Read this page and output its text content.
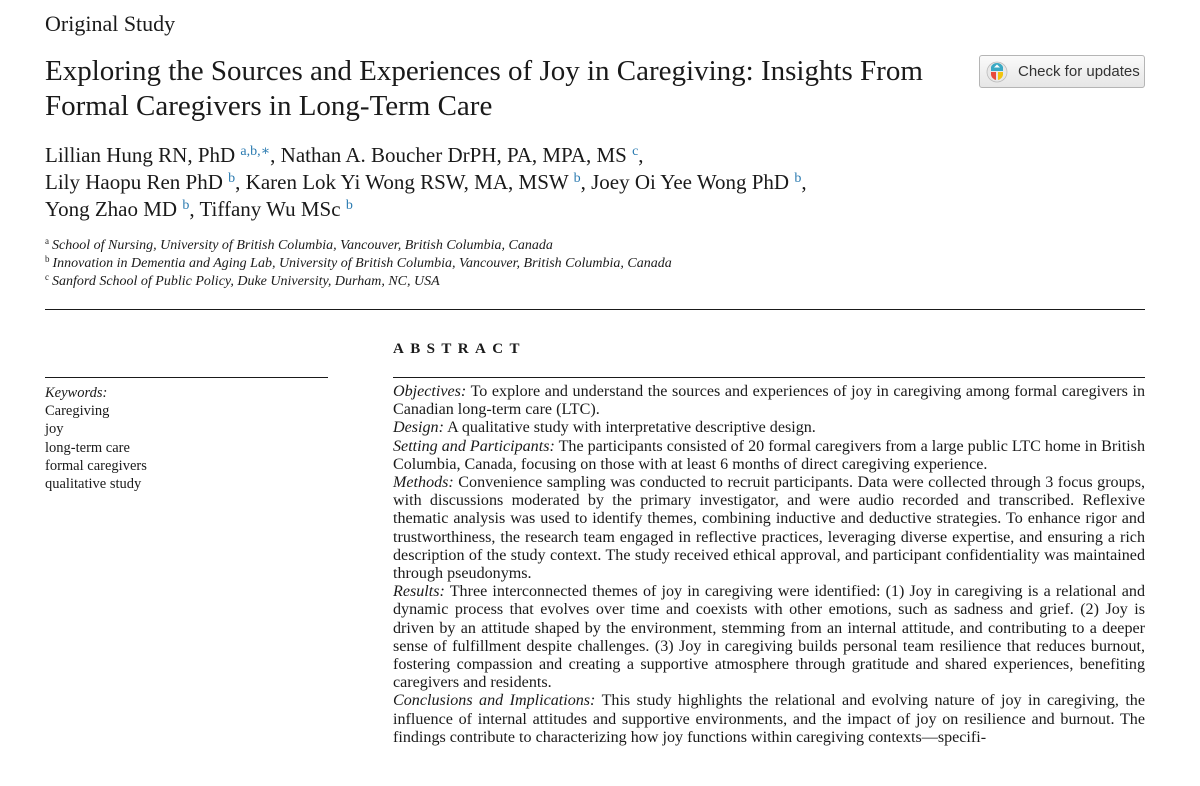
Original Study
Exploring the Sources and Experiences of Joy in Caregiving: Insights From Formal Caregivers in Long-Term Care
Check for updates
Lillian Hung RN, PhD $^{a,b,∗}$, Nathan A. Boucher DrPH, PA, MPA, MS $^c$,
Lily Haopu Ren PhD $^b$, Karen Lok Yi Wong RSW, MA, MSW $^b$, Joey Oi Yee Wong PhD $^b$,
Yong Zhao MD $^b$, Tiffany Wu MSc $^b$
$^a$ School of Nursing, University of British Columbia, Vancouver, British Columbia, Canada
$^b$ Innovation in Dementia and Aging Lab, University of British Columbia, Vancouver, British Columbia, Canada
$^c$ Sanford School of Public Policy, Duke University, Durham, NC, USA
ABSTRACT
Keywords:
Caregiving
joy
long-term care
formal caregivers
qualitative study

Objectives: To explore and understand the sources and experiences of joy in caregiving among formal caregivers in Canadian long-term care (LTC).

Design: A qualitative study with interpretative descriptive design.

Setting and Participants: The participants consisted of 20 formal caregivers from a large public LTC home in British Columbia, Canada, focusing on those with at least 6 months of direct caregiving experience.

Methods: Convenience sampling was conducted to recruit participants. Data were collected through 3 focus groups, with discussions moderated by the primary investigator, and were audio recorded and transcribed. Reflexive thematic analysis was used to identify themes, combining inductive and deductive strategies. To enhance rigor and trustworthiness, the research team engaged in reflective practices, leveraging diverse expertise, and ensuring a rich description of the study context. The study received ethical approval, and participant confidentiality was maintained through pseudonyms.

Results: Three interconnected themes of joy in caregiving were identified: (1) Joy in caregiving is a relational and dynamic process that evolves over time and coexists with other emotions, such as sadness and grief. (2) Joy is driven by an attitude shaped by the environment, stemming from an internal attitude, and contributing to a deeper sense of fulfillment despite challenges. (3) Joy in caregiving builds personal team resilience that reduces burnout, fostering compassion and creating a supportive atmosphere through gratitude and shared experiences, benefiting caregivers and residents.

Conclusions and Implications: This study highlights the relational and evolving nature of joy in caregiving, the influence of internal attitudes and supportive environments, and the impact of joy on resilience and burnout. The findings contribute to characterizing how joy functions within caregiving contexts—specifi-
